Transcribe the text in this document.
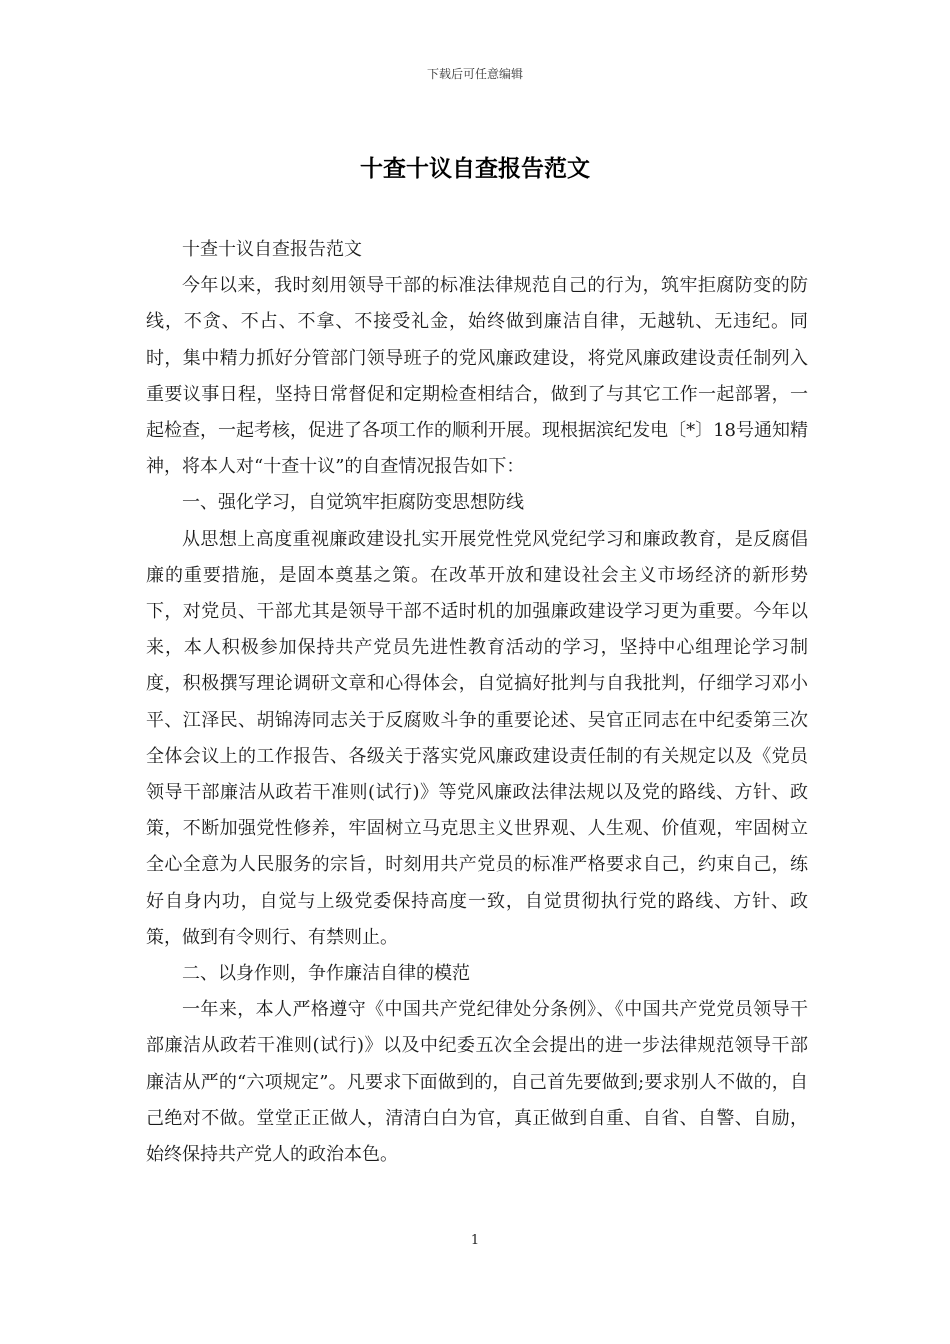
下载后可任意编辑
十查十议自查报告范文

十查十议自查报告范文

今年以来，我时刻用领导干部的标准法律规范自己的行为，筑牢拒腐防变的防线，不贪、不占、不拿、不接受礼金，始终做到廉洁自律，无越轨、无违纪。同时，集中精力抓好分管部门领导班子的党风廉政建设，将党风廉政建设责任制列入重要议事日程，坚持日常督促和定期检查相结合，做到了与其它工作一起部署，一起检查，一起考核，促进了各项工作的顺利开展。现根据滨纪发电〔*〕18号通知精神，将本人对“十查十议”的自查情况报告如下：

一、强化学习，自觉筑牢拒腐防变思想防线

从思想上高度重视廉政建设扎实开展党性党风党纪学习和廉政教育，是反腐倡廉的重要措施，是固本奠基之策。在改革开放和建设社会主义市场经济的新形势下，对党员、干部尤其是领导干部不适时机的加强廉政建设学习更为重要。今年以来，本人积极参加保持共产党员先进性教育活动的学习，坚持中心组理论学习制度，积极撰写理论调研文章和心得体会，自觉搞好批判与自我批判，仔细学习邓小平、江泽民、胡锦涛同志关于反腐败斗争的重要论述、吴官正同志在中纪委第三次全体会议上的工作报告、各级关于落实党风廉政建设责任制的有关规定以及《党员领导干部廉洁从政若干准则(试行)》等党风廉政法律法规以及党的路线、方针、政策，不断加强党性修养，牢固树立马克思主义世界观、人生观、价值观，牢固树立全心全意为人民服务的宗旨，时刻用共产党员的标准严格要求自己，约束自己，练好自身内功，自觉与上级党委保持高度一致，自觉贯彻执行党的路线、方针、政策，做到有令则行、有禁则止。

二、以身作则，争作廉洁自律的模范

一年来，本人严格遵守《中国共产党纪律处分条例》、《中国共产党党员领导干部廉洁从政若干准则(试行)》以及中纪委五次全会提出的进一步法律规范领导干部廉洁从严的“六项规定”。凡要求下面做到的，自己首先要做到;要求别人不做的，自己绝对不做。堂堂正正做人，清清白白为官，真正做到自重、自省、自警、自励，始终保持共产党人的政治本色。

1
